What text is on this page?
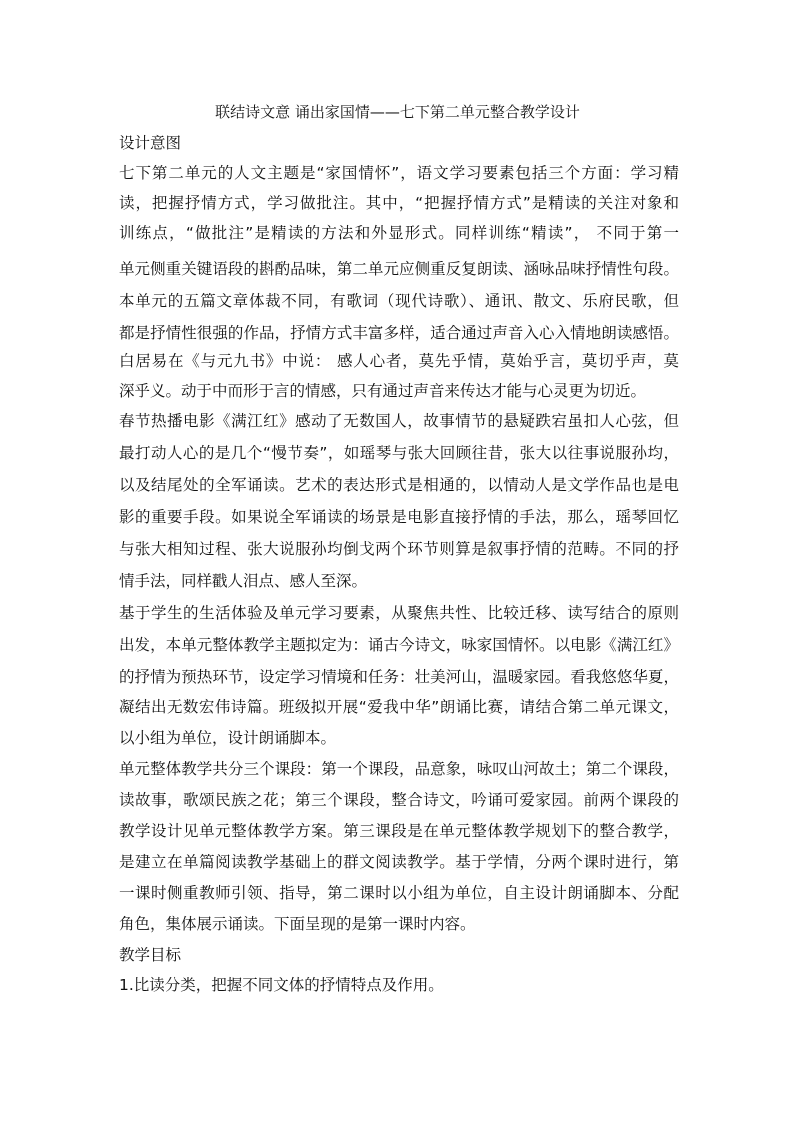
联结诗文意 诵出家国情——七下第二单元整合教学设计
设计意图
七下第二单元的人文主题是“家国情怀”，语文学习要素包括三个方面：学习精
读，把握抒情方式，学习做批注。其中，“把握抒情方式”是精读的关注对象和
训练点，“做批注”是精读的方法和外显形式。同样训练“精读”， 不同于第一
单元侧重关键语段的斟酌品味，第二单元应侧重反复朗读、涵咏品味抒情性句段。
本单元的五篇文章体裁不同，有歌词（现代诗歌）、通讯、散文、乐府民歌，但
都是抒情性很强的作品，抒情方式丰富多样，适合通过声音入心入情地朗读感悟。
白居易在《与元九书》中说： 感人心者，莫先乎情，莫始乎言，莫切乎声，莫
深乎义。动于中而形于言的情感，只有通过声音来传达才能与心灵更为切近。
春节热播电影《满江红》感动了无数国人，故事情节的悬疑跌宕虽扣人心弦，但
最打动人心的是几个“慢节奏”，如瑶琴与张大回顾往昔，张大以往事说服孙均，
以及结尾处的全军诵读。艺术的表达形式是相通的，以情动人是文学作品也是电
影的重要手段。如果说全军诵读的场景是电影直接抒情的手法，那么，瑶琴回忆
与张大相知过程、张大说服孙均倒戈两个环节则算是叙事抒情的范畴。不同的抒
情手法，同样戳人泪点、感人至深。
基于学生的生活体验及单元学习要素，从聚焦共性、比较迁移、读写结合的原则
出发，本单元整体教学主题拟定为：诵古今诗文，咏家国情怀。以电影《满江红》
的抒情为预热环节，设定学习情境和任务：壮美河山，温暖家园。看我悠悠华夏，
凝结出无数宏伟诗篇。班级拟开展“爱我中华”朗诵比赛，请结合第二单元课文，
以小组为单位，设计朗诵脚本。
单元整体教学共分三个课段：第一个课段，品意象，咏叹山河故土；第二个课段，
读故事，歌颂民族之花；第三个课段，整合诗文，吟诵可爱家园。前两个课段的
教学设计见单元整体教学方案。第三课段是在单元整体教学规划下的整合教学，
是建立在单篇阅读教学基础上的群文阅读教学。基于学情，分两个课时进行，第
一课时侧重教师引领、指导，第二课时以小组为单位，自主设计朗诵脚本、分配
角色，集体展示诵读。下面呈现的是第一课时内容。
教学目标
1.比读分类，把握不同文体的抒情特点及作用。
